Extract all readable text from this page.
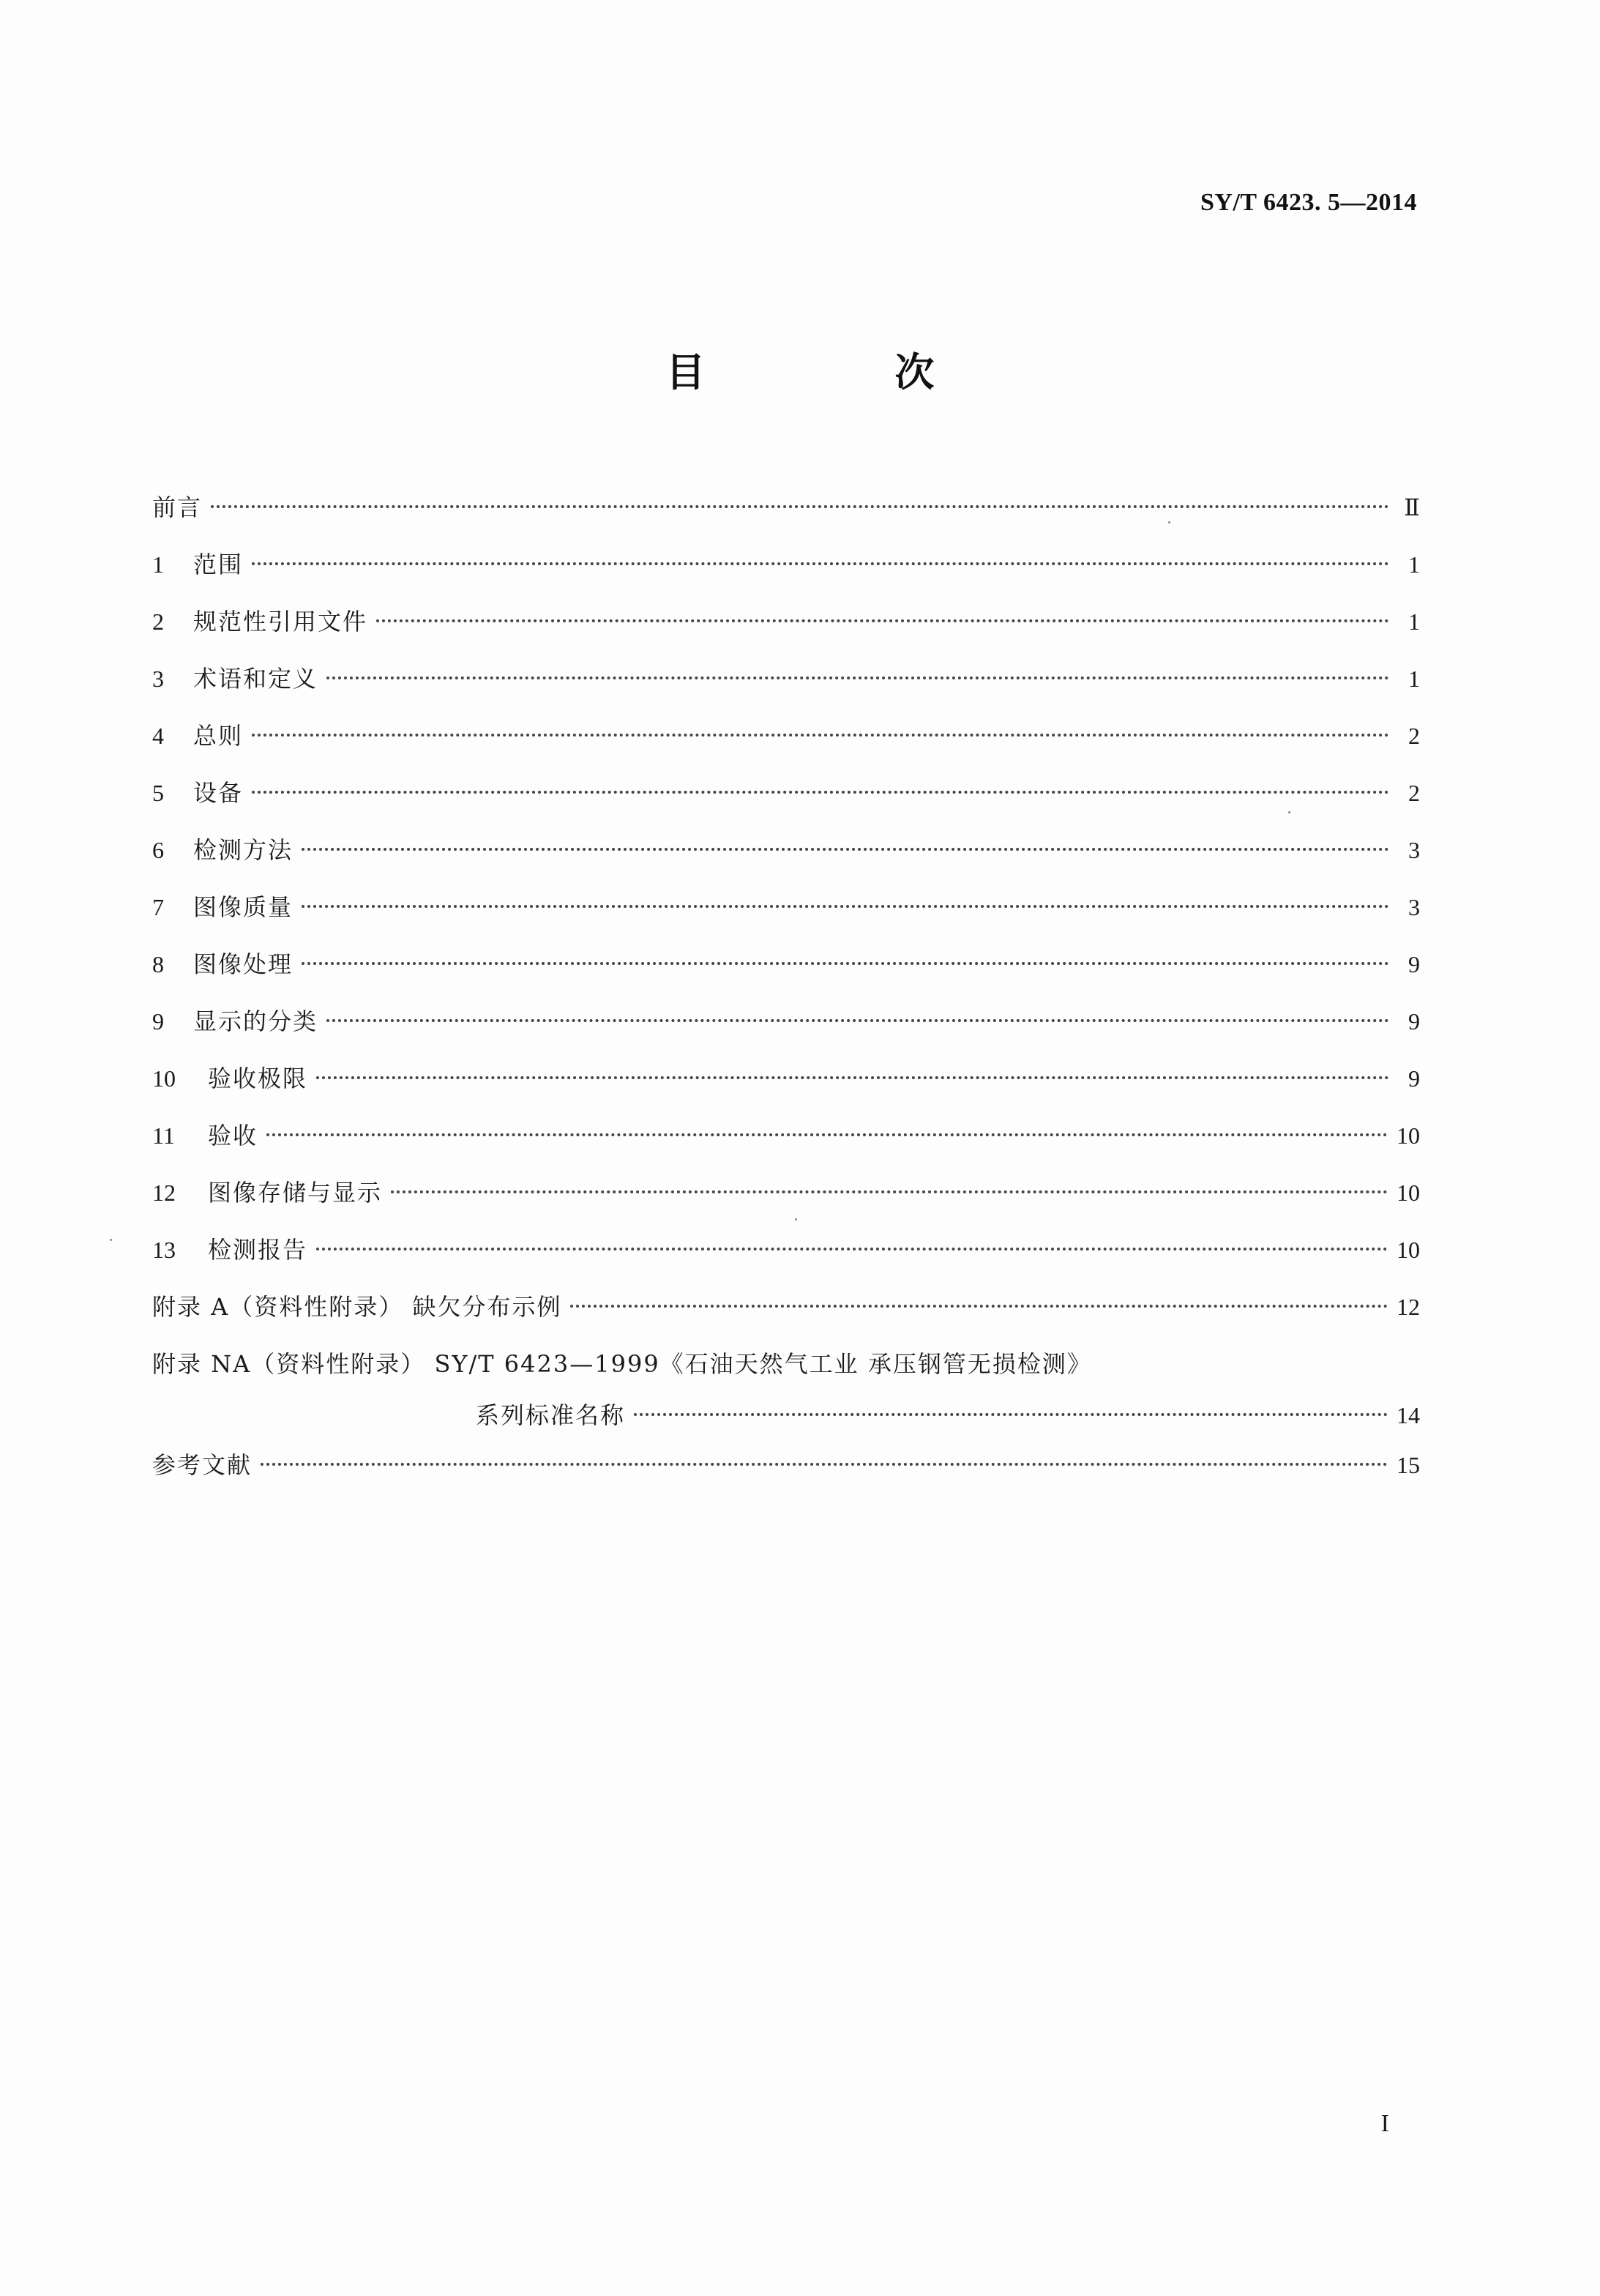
SY/T 6423. 5—2014
目 次
前言	Ⅱ
1	范围	1
2	规范性引用文件	1
3	术语和定义	1
4	总则	2
5	设备	2
6	检测方法	3
7	图像质量	3
8	图像处理	9
9	显示的分类	9
10	验收极限	9
11	验收	10
12	图像存储与显示	10
13	检测报告	10
附录 A（资料性附录） 缺欠分布示例	12
附录 NA（资料性附录） SY/T 6423—1999《石油天然气工业 承压钢管无损检测》
系列标准名称	14
参考文献	15
I
